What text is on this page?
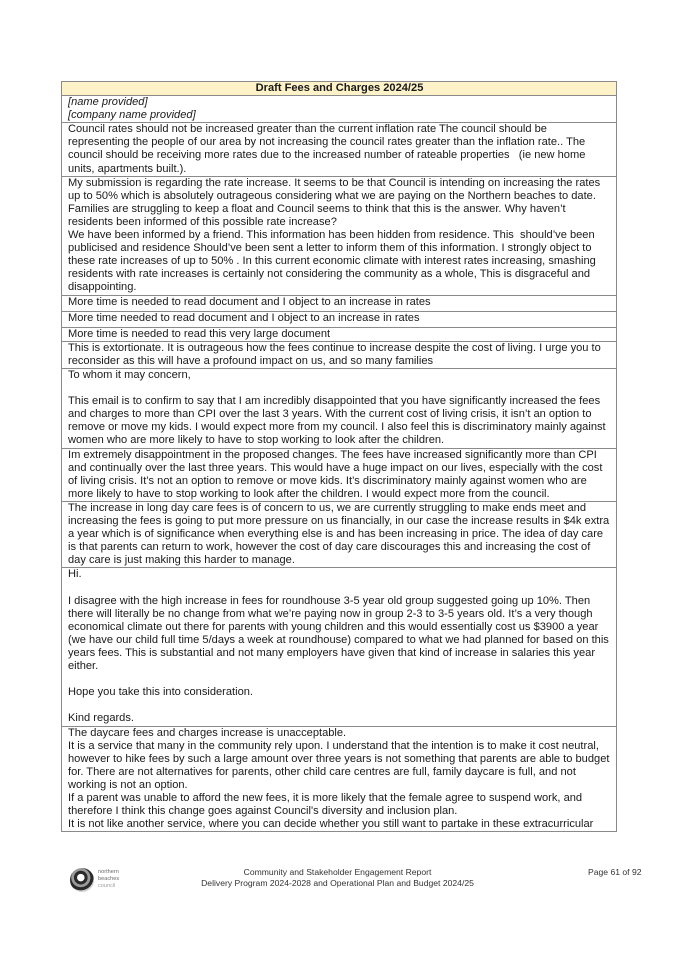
Draft Fees and Charges 2024/25
[name provided]
[company name provided]
Council rates should not be increased greater than the current inflation rate The council should be representing the people of our area by not increasing the council rates greater than the inflation rate.. The council should be receiving more rates due to the increased number of rateable properties   (ie new home units, apartments built.).
My submission is regarding the rate increase. It seems to be that Council is intending on increasing the rates up to 50% which is absolutely outrageous considering what we are paying on the Northern beaches to date. Families are struggling to keep a float and Council seems to think that this is the answer. Why haven’t residents been informed of this possible rate increase?
We have been informed by a friend. This information has been hidden from residence. This  should’ve been publicised and residence Should’ve been sent a letter to inform them of this information. I strongly object to these rate increases of up to 50% . In this current economic climate with interest rates increasing, smashing residents with rate increases is certainly not considering the community as a whole, This is disgraceful and disappointing.
More time is needed to read document and I object to an increase in rates
More time needed to read document and I object to an increase in rates
More time is needed to read this very large document
This is extortionate. It is outrageous how the fees continue to increase despite the cost of living. I urge you to reconsider as this will have a profound impact on us, and so many families
To whom it may concern,

This email is to confirm to say that I am incredibly disappointed that you have significantly increased the fees and charges to more than CPI over the last 3 years. With the current cost of living crisis, it isn’t an option to remove or move my kids. I would expect more from my council. I also feel this is discriminatory mainly against women who are more likely to have to stop working to look after the children.
Im extremely disappointment in the proposed changes. The fees have increased significantly more than CPI and continually over the last three years. This would have a huge impact on our lives, especially with the cost of living crisis. It’s not an option to remove or move kids. It’s discriminatory mainly against women who are more likely to have to stop working to look after the children. I would expect more from the council.
The increase in long day care fees is of concern to us, we are currently struggling to make ends meet and increasing the fees is going to put more pressure on us financially, in our case the increase results in $4k extra a year which is of significance when everything else is and has been increasing in price. The idea of day care is that parents can return to work, however the cost of day care discourages this and increasing the cost of day care is just making this harder to manage.
Hi.

I disagree with the high increase in fees for roundhouse 3-5 year old group suggested going up 10%. Then there will literally be no change from what we’re paying now in group 2-3 to 3-5 years old. It’s a very though economical climate out there for parents with young children and this would essentially cost us $3900 a year (we have our child full time 5/days a week at roundhouse) compared to what we had planned for based on this years fees. This is substantial and not many employers have given that kind of increase in salaries this year either.

Hope you take this into consideration.

Kind regards.
The daycare fees and charges increase is unacceptable.
It is a service that many in the community rely upon. I understand that the intention is to make it cost neutral, however to hike fees by such a large amount over three years is not something that parents are able to budget for. There are not alternatives for parents, other child care centres are full, family daycare is full, and not working is not an option.
If a parent was unable to afford the new fees, it is more likely that the female agree to suspend work, and therefore I think this change goes against Council's diversity and inclusion plan.
It is not like another service, where you can decide whether you still want to partake in these extracurricular
northern
beaches
council
Community and Stakeholder Engagement Report
Delivery Program 2024-2028 and Operational Plan and Budget 2024/25
Page 61 of 92
